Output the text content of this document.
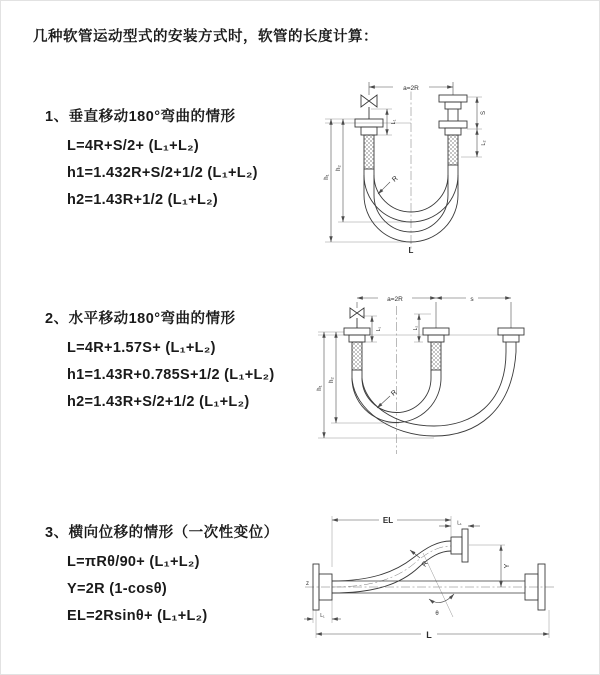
几种软管运动型式的安装方式时，软管的长度计算：
1、垂直移动180°弯曲的情形
L=4R+S/2+ (L₁+L₂)
h1=1.432R+S/2+1/2 (L₁+L₂)
h2=1.43R+1/2 (L₁+L₂)
2、水平移动180°弯曲的情形
L=4R+1.57S+ (L₁+L₂)
h1=1.43R+0.785S+1/2 (L₁+L₂)
h2=1.43R+S/2+1/2 (L₁+L₂)
3、横向位移的情形（一次性变位）
L=πRθ/90+ (L₁+L₂)
Y=2R (1-cosθ)
EL=2Rsinθ+ (L₁+L₂)
a=2R
L₁
S
L₂
h₁
h₂
R
L
a=2R	s
L₁	L₂
h₁
h₂
R
z
EL	L₁
Y
R
θ
L
L₁
